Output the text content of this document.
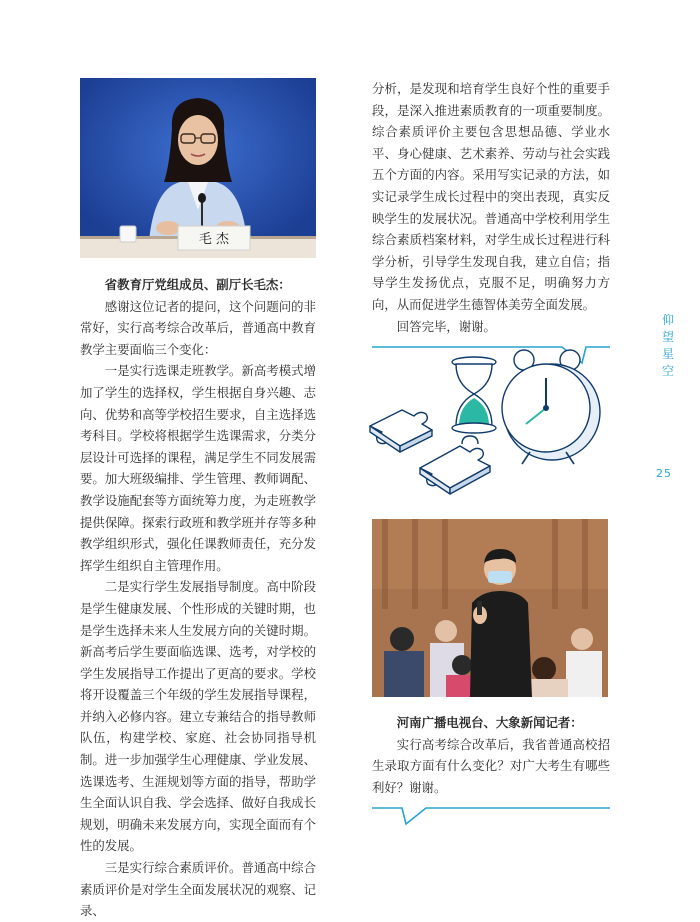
毛 杰

省教育厅党组成员、副厅长毛杰：

感谢这位记者的提问，这个问题问的非常好，实行高考综合改革后，普通高中教育教学主要面临三个变化：

一是实行选课走班教学。新高考模式增加了学生的选择权，学生根据自身兴趣、志向、优势和高等学校招生要求，自主选择选考科目。学校将根据学生选课需求，分类分层设计可选择的课程，满足学生不同发展需要。加大班级编排、学生管理、教师调配、教学设施配套等方面统筹力度，为走班教学提供保障。探索行政班和教学班并存等多种教学组织形式，强化任课教师责任，充分发挥学生组织自主管理作用。

二是实行学生发展指导制度。高中阶段是学生健康发展、个性形成的关键时期，也是学生选择未来人生发展方向的关键时期。新高考后学生要面临选课、选考，对学校的学生发展指导工作提出了更高的要求。学校将开设覆盖三个年级的学生发展指导课程，并纳入必修内容。建立专兼结合的指导教师队伍，构建学校、家庭、社会协同指导机制。进一步加强学生心理健康、学业发展、选课选考、生涯规划等方面的指导，帮助学生全面认识自我、学会选择、做好自我成长规划，明确未来发展方向，实现全面而有个性的发展。

三是实行综合素质评价。普通高中综合素质评价是对学生全面发展状况的观察、记录、

分析，是发现和培育学生良好个性的重要手段，是深入推进素质教育的一项重要制度。综合素质评价主要包含思想品德、学业水平、身心健康、艺术素养、劳动与社会实践五个方面的内容。采用写实记录的方法，如实记录学生成长过程中的突出表现，真实反映学生的发展状况。普通高中学校利用学生综合素质档案材料，对学生成长过程进行科学分析，引导学生发现自我，建立自信；指导学生发扬优点，克服不足，明确努力方向，从而促进学生德智体美劳全面发展。

回答完毕，谢谢。

河南广播电视台、大象新闻记者：

实行高考综合改革后，我省普通高校招生录取方面有什么变化？对广大考生有哪些利好？谢谢。

仰望星空
25
